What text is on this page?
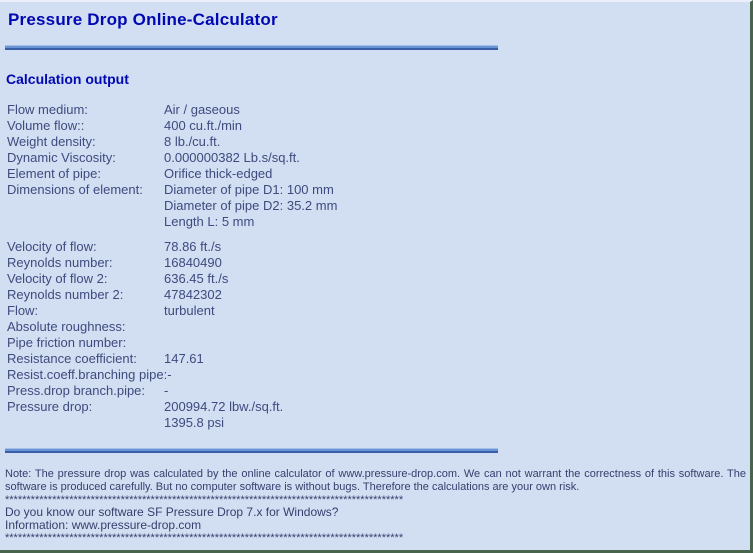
Pressure Drop Online-Calculator
Calculation output
Flow medium:	Air / gaseous
Volume flow::	400 cu.ft./min
Weight density:	8 lb./cu.ft.
Dynamic Viscosity:	0.000000382 Lb.s/sq.ft.
Element of pipe:	Orifice thick-edged
Dimensions of element:	Diameter of pipe D1: 100 mm
Diameter of pipe D2: 35.2 mm
Length L: 5 mm
Velocity of flow:	78.86 ft./s
Reynolds number:	16840490
Velocity of flow 2:	636.45 ft./s
Reynolds number 2:	47842302
Flow:	turbulent
Absolute roughness:

Pipe friction number:

Resistance coefficient:	147.61
Resist.coeff.branching pipe: -
Press.drop branch.pipe:	-
Pressure drop:	200994.72 lbw./sq.ft.
1395.8 psi
Note: The pressure drop was calculated by the online calculator of www.pressure-drop.com. We can not warrant the correctness of this software. The software is produced carefully. But no computer software is without bugs. Therefore the calculations are your own risk.
*********************************************************************************************
Do you know our software SF Pressure Drop 7.x for Windows?
Information: www.pressure-drop.com
*********************************************************************************************
